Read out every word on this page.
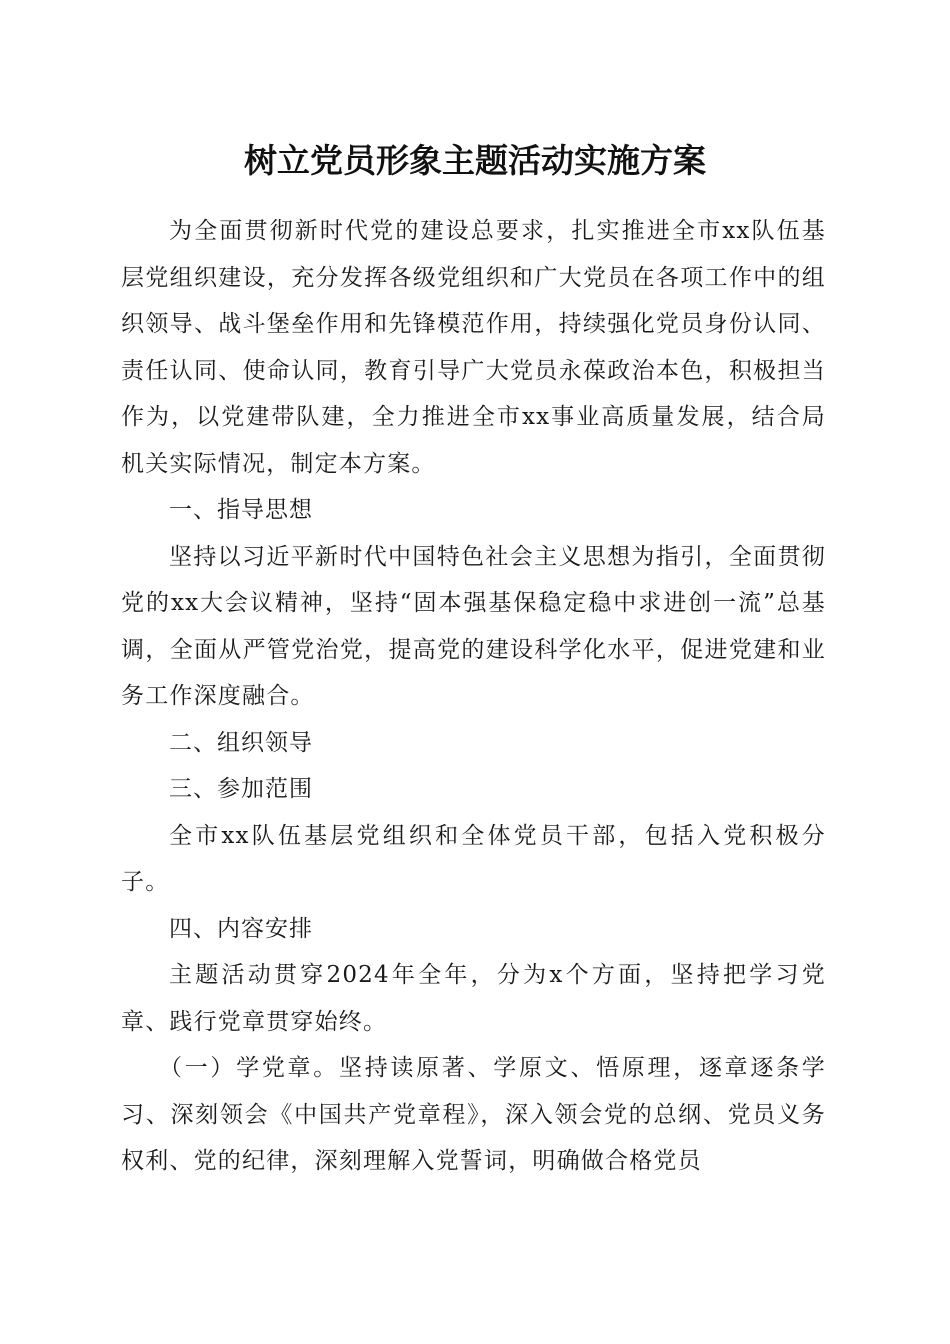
树立党员形象主题活动实施方案

为全面贯彻新时代党的建设总要求，扎实推进全市xx队伍基层党组织建设，充分发挥各级党组织和广大党员在各项工作中的组织领导、战斗堡垒作用和先锋模范作用，持续强化党员身份认同、责任认同、使命认同，教育引导广大党员永葆政治本色，积极担当作为，以党建带队建，全力推进全市xx事业高质量发展，结合局机关实际情况，制定本方案。

一、指导思想

坚持以习近平新时代中国特色社会主义思想为指引，全面贯彻党的xx大会议精神，坚持“固本强基保稳定稳中求进创一流”总基调，全面从严管党治党，提高党的建设科学化水平，促进党建和业务工作深度融合。

二、组织领导

三、参加范围

全市xx队伍基层党组织和全体党员干部，包括入党积极分子。

四、内容安排

主题活动贯穿2024年全年，分为x个方面，坚持把学习党章、践行党章贯穿始终。

（一）学党章。坚持读原著、学原文、悟原理，逐章逐条学习、深刻领会《中国共产党章程》，深入领会党的总纲、党员义务权利、党的纪律，深刻理解入党誓词，明确做合格党员
